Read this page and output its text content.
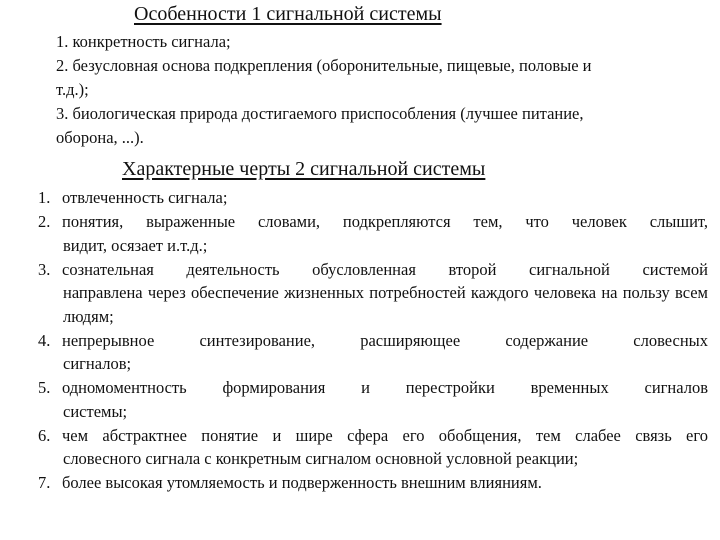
Особенности 1 сигнальной системы
1. конкретность сигнала;
2. безусловная основа подкрепления (оборонительные, пищевые, половые и
т.д.);
3. биологическая природа достигаемого приспособления (лучшее питание,
оборона, ...).
Характерные черты 2 сигнальной системы
1. отвлеченность сигнала;
2. понятия, выраженные словами, подкрепляются тем, что человек слышит,
видит, осязает и.т.д.;
3. сознательная деятельность обусловленная второй сигнальной системой
направлена через обеспечение жизненных потребностей каждого человека на пользу всем людям;
4. непрерывное синтезирование, расширяющее содержание словесных
сигналов;
5. одномоментность формирования и перестройки временных сигналов
системы;
6. чем абстрактнее понятие и шире сфера его обобщения, тем слабее связь его
словесного сигнала с конкретным сигналом основной условной реакции;
7. более высокая утомляемость и подверженность внешним влияниям.
